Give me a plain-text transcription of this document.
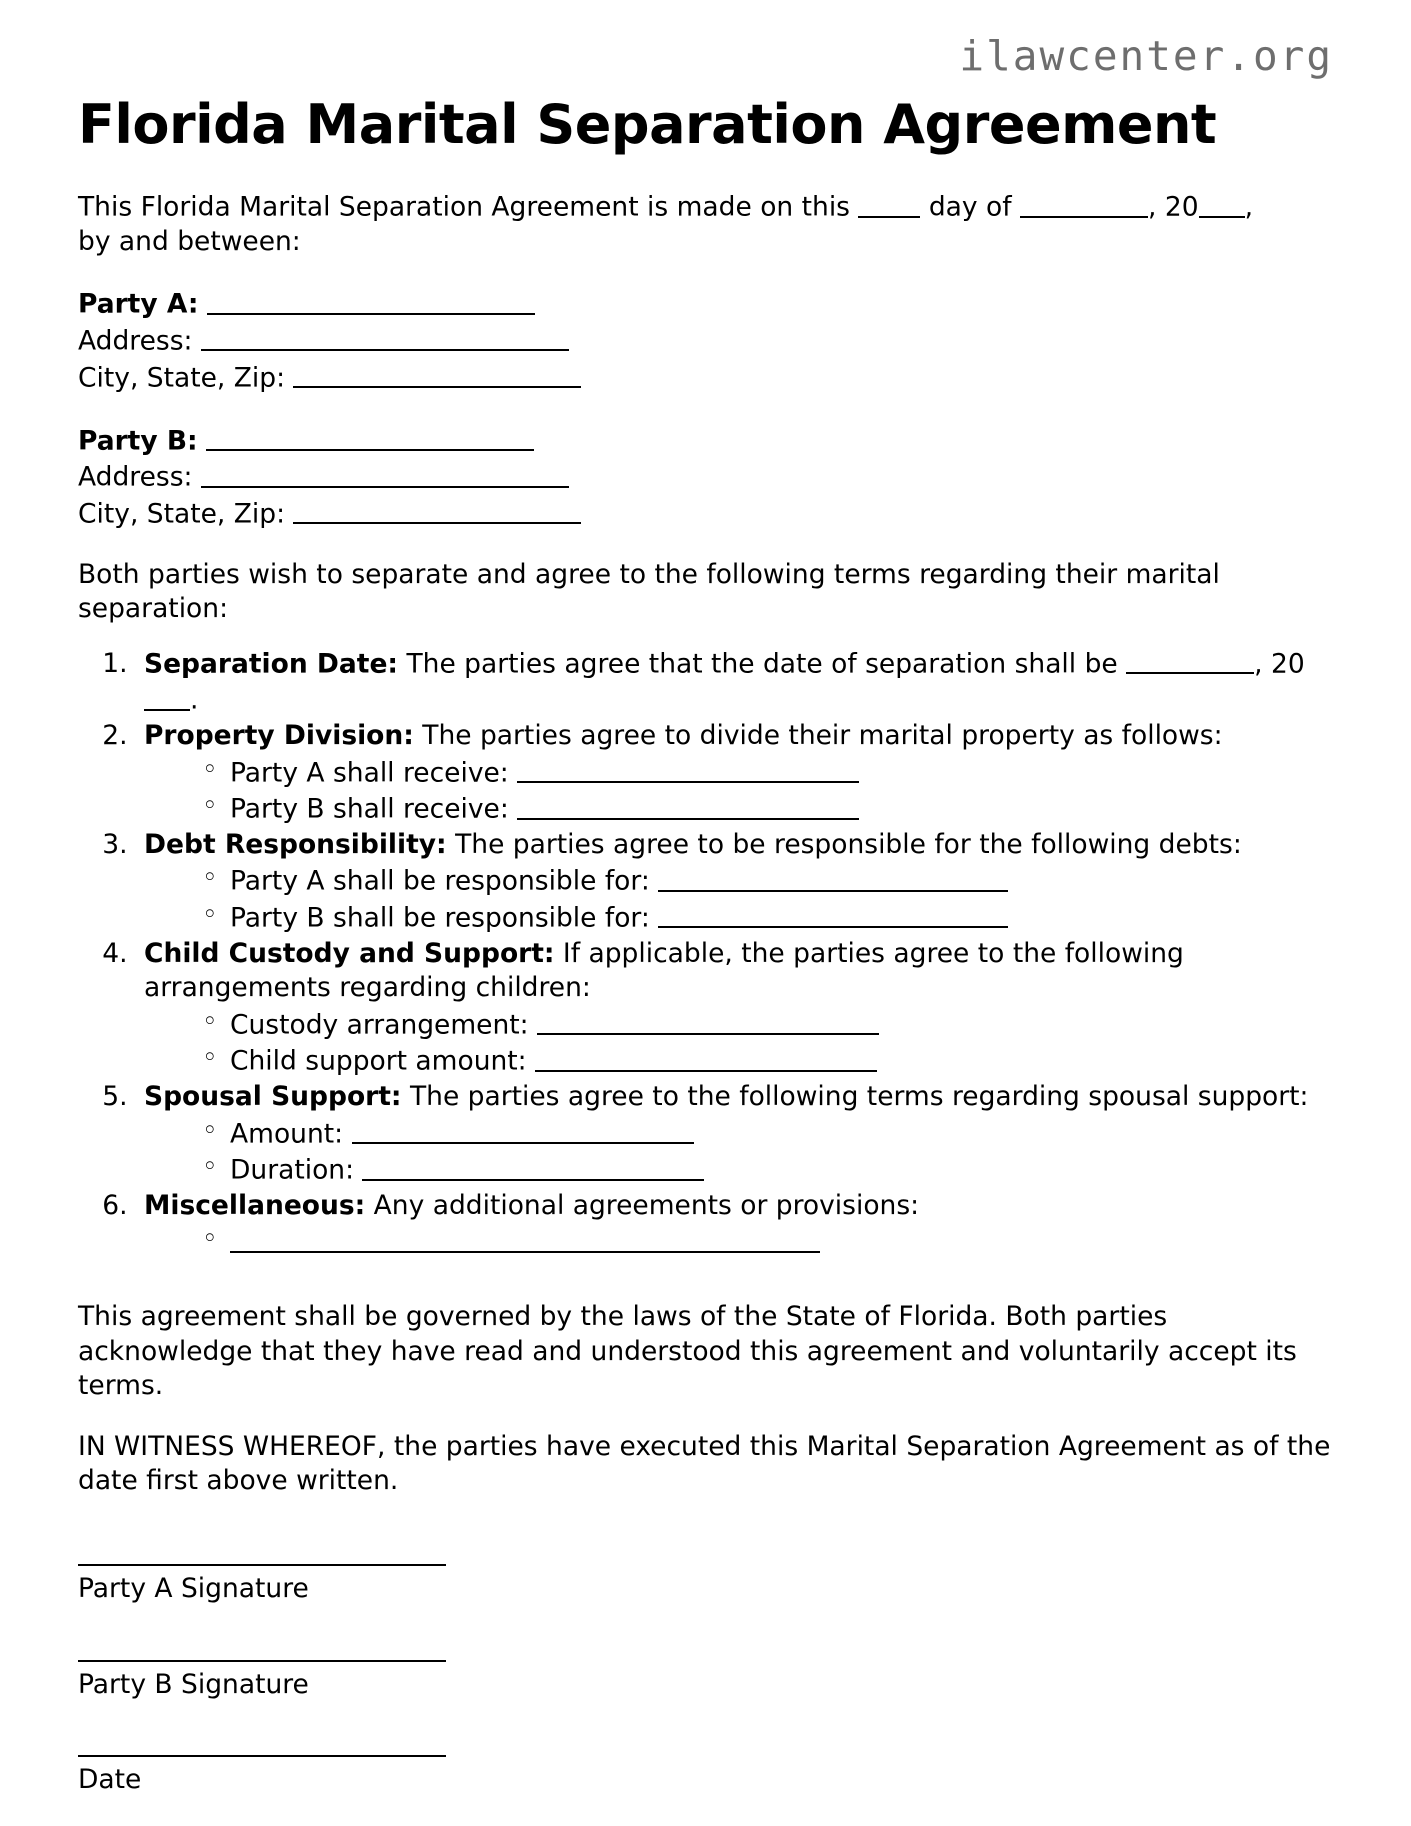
ilawcenter.org
Florida Marital Separation Agreement

This Florida Marital Separation Agreement is made on this  day of	, 20 ,
by and between:

Party A:
Address:
City, State, Zip:
Party B:
Address:
City, State, Zip:

Both parties wish to separate and agree to the following terms regarding their marital separation:

1. Separation Date: The parties agree that the date of separation shall be	, 20.
2. Property Division: The parties agree to divide their marital property as follows:
◦ Party A shall receive:
◦ Party B shall receive:
3. Debt Responsibility: The parties agree to be responsible for the following debts:
◦ Party A shall be responsible for:
◦ Party B shall be responsible for:
4. Child Custody and Support: If applicable, the parties agree to the following arrangements regarding children:
◦ Custody arrangement:
◦ Child support amount:
5. Spousal Support: The parties agree to the following terms regarding spousal support:
◦ Amount:
◦ Duration:
6. Miscellaneous: Any additional agreements or provisions:
◦

This agreement shall be governed by the laws of the State of Florida. Both parties acknowledge that they have read and understood this agreement and voluntarily accept its terms.

IN WITNESS WHEREOF, the parties have executed this Marital Separation Agreement as of the date first above written.

Party A Signature
Party B Signature
Date
